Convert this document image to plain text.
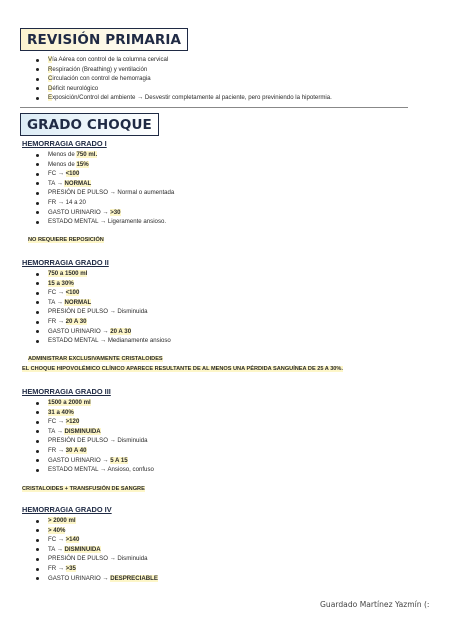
REVISIÓN PRIMARIA
Vía Aérea con control de la columna cervical
Respiración (Breathing) y ventilación
Circulación con control de hemorragia
Déficit neurológico
Exposición/Control del ambiente → Desvestir completamente al paciente, pero previniendo la hipotermia.
GRADO CHOQUE
HEMORRAGIA GRADO I
Menos de 750 ml.
Menos de 15%
FC → <100
TA → NORMAL
PRESIÓN DE PULSO → Normal o aumentada
FR → 14 a 20
GASTO URINARIO → >30
ESTADO MENTAL → Ligeramente ansioso.
NO REQUIERE REPOSICIÓN
HEMORRAGIA GRADO II
750 a 1500 ml
15 a 30%
FC → <100
TA → NORMAL
PRESIÓN DE PULSO → Disminuida
FR → 20 A 30
GASTO URINARIO → 20 A 30
ESTADO MENTAL → Medianamente ansioso
ADMINISTRAR EXCLUSIVAMENTE CRISTALOIDES
EL CHOQUE HIPOVOLÉMICO CLÍNICO APARECE RESULTANTE DE AL MENOS UNA PÉRDIDA SANGUÍNEA DE 25 A 30%.
HEMORRAGIA GRADO III
1500 a 2000 ml
31 a 40%
FC → >120
TA → DISMINUIDA
PRESIÓN DE PULSO → Disminuida
FR → 30 A 40
GASTO URINARIO → 5 A 15
ESTADO MENTAL → Ansioso, confuso
CRISTALOIDES + TRANSFUSIÓN DE SANGRE
HEMORRAGIA GRADO IV
> 2000 ml
> 40%
FC → >140
TA → DISMINUIDA
PRESIÓN DE PULSO → Disminuida
FR → >35
GASTO URINARIO → DESPRECIABLE
Guardado Martínez Yazmín (:
